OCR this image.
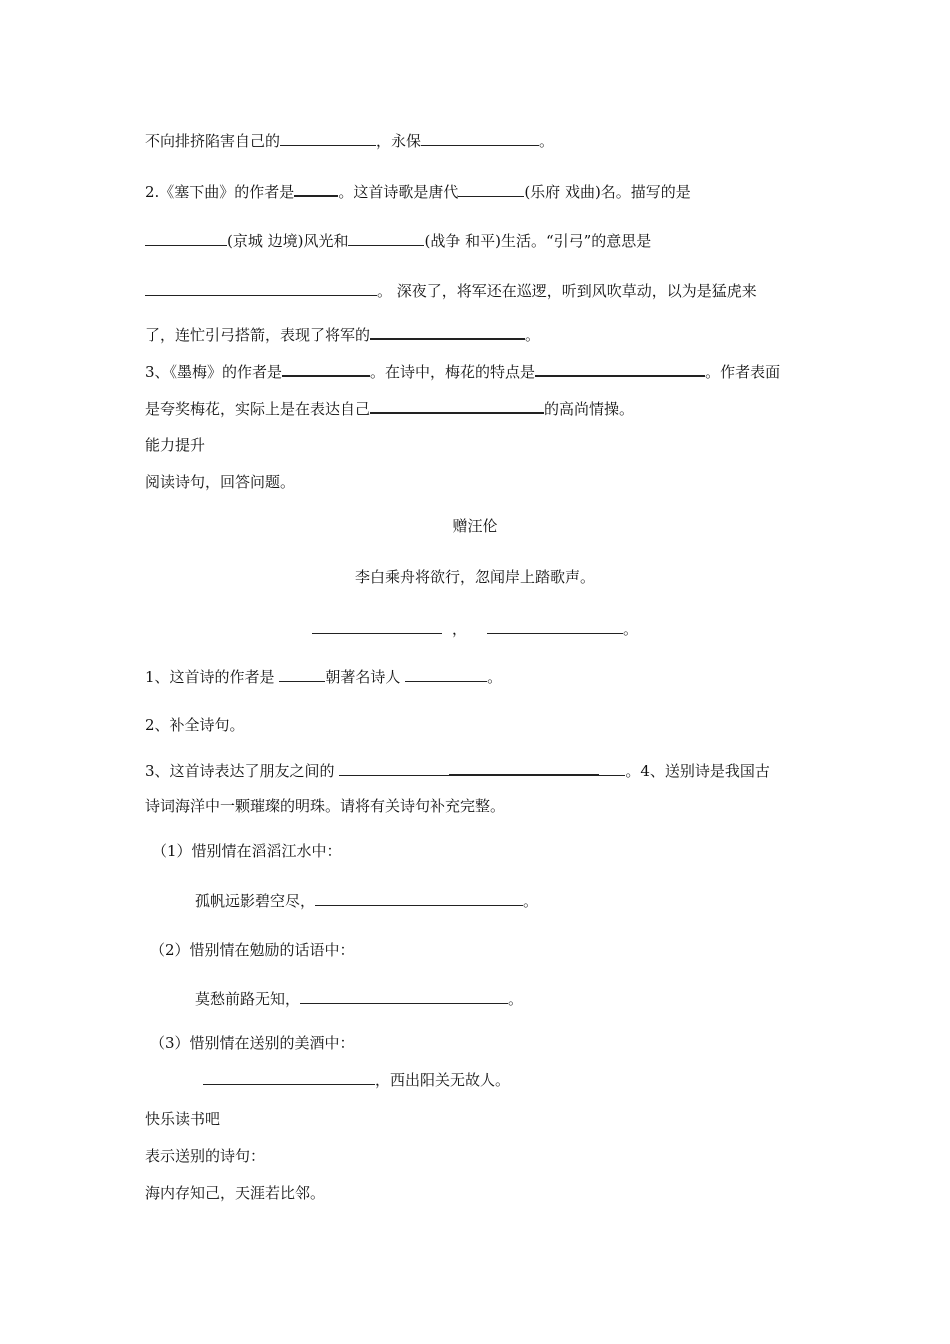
不向排挤陷害自己的	，永保	。
2.《塞下曲》的作者是	。这首诗歌是唐代	(乐府 戏曲)名。描写的是
(京城 边境)风光和	(战争 和平)生活。“引弓”的意思是
。 深夜了，将军还在巡逻，听到风吹草动，以为是猛虎来
了，连忙引弓搭箭，表现了将军的	。
3、《墨梅》的作者是	。在诗中，梅花的特点是	。作者表面
是夸奖梅花，实际上是在表达自己	的高尚情操。
能力提升
阅读诗句，回答问题。
赠汪伦
李白乘舟将欲行，忽闻岸上踏歌声。
，	。
1、这首诗的作者是	朝著名诗人	。
2、补全诗句。
3、这首诗表达了朋友之间的	。4、送别诗是我国古
诗词海洋中一颗璀璨的明珠。请将有关诗句补充完整。
（1）惜别情在滔滔江水中：
孤帆远影碧空尽，	。
（2）惜别情在勉励的话语中：
莫愁前路无知，	。
（3）惜别情在送别的美酒中：
，西出阳关无故人。
快乐读书吧
表示送别的诗句：
海内存知己，天涯若比邻。
